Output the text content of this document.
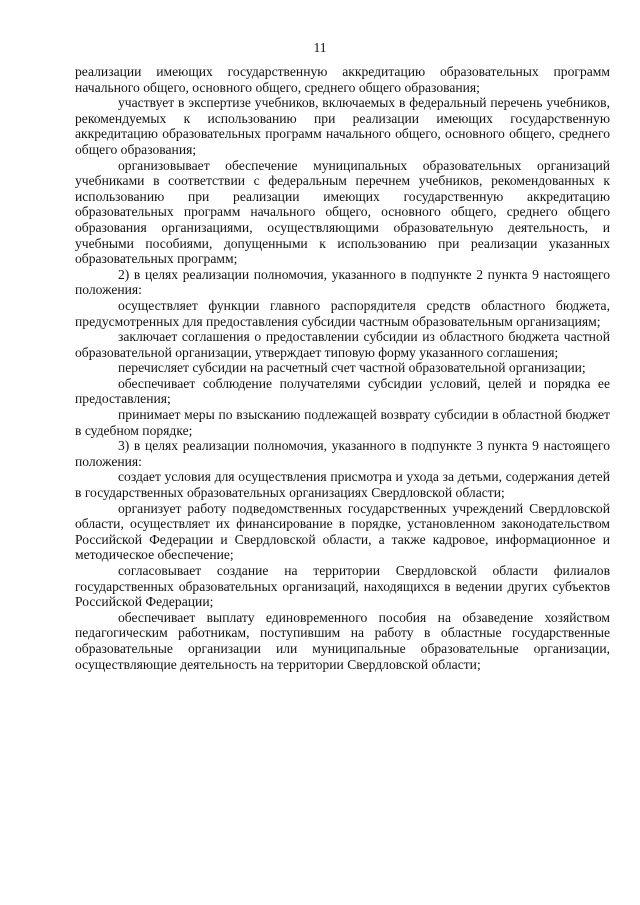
11

реализации имеющих государственную аккредитацию образовательных программ начального общего, основного общего, среднего общего образования;

участвует в экспертизе учебников, включаемых в федеральный перечень учебников, рекомендуемых к использованию при реализации имеющих государственную аккредитацию образовательных программ начального общего, основного общего, среднего общего образования;

организовывает обеспечение муниципальных образовательных организаций учебниками в соответствии с федеральным перечнем учебников, рекомендованных к использованию при реализации имеющих государственную аккредитацию образовательных программ начального общего, основного общего, среднего общего образования организациями, осуществляющими образовательную деятельность, и учебными пособиями, допущенными к использованию при реализации указанных образовательных программ;

2) в целях реализации полномочия, указанного в подпункте 2 пункта 9 настоящего положения:

осуществляет функции главного распорядителя средств областного бюджета, предусмотренных для предоставления субсидии частным образовательным организациям;

заключает соглашения о предоставлении субсидии из областного бюджета частной образовательной организации, утверждает типовую форму указанного соглашения;

перечисляет субсидии на расчетный счет частной образовательной организации;

обеспечивает соблюдение получателями субсидии условий, целей и порядка ее предоставления;

принимает меры по взысканию подлежащей возврату субсидии в областной бюджет в судебном порядке;

3) в целях реализации полномочия, указанного в подпункте 3 пункта 9 настоящего положения:

создает условия для осуществления присмотра и ухода за детьми, содержания детей в государственных образовательных организациях Свердловской области;

организует работу подведомственных государственных учреждений Свердловской области, осуществляет их финансирование в порядке, установленном законодательством Российской Федерации и Свердловской области, а также кадровое, информационное и методическое обеспечение;

согласовывает создание на территории Свердловской области филиалов государственных образовательных организаций, находящихся в ведении других субъектов Российской Федерации;

обеспечивает выплату единовременного пособия на обзаведение хозяйством педагогическим работникам, поступившим на работу в областные государственные образовательные организации или муниципальные образовательные организации, осуществляющие деятельность на территории Свердловской области;
